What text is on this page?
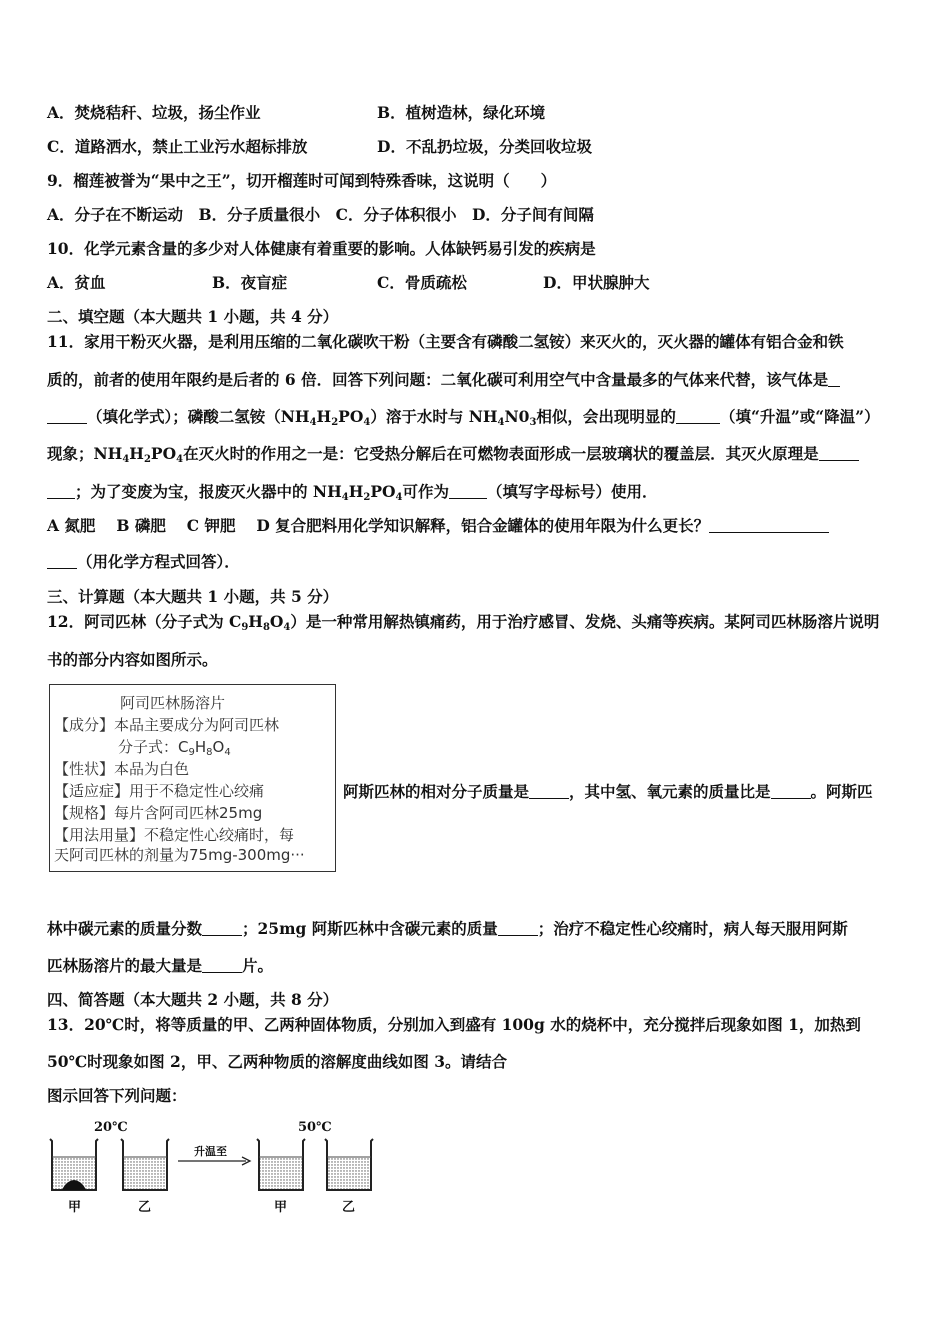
A．焚烧秸秆、垃圾，扬尘作业	B．植树造林，绿化环境
C．道路洒水，禁止工业污水超标排放	D．不乱扔垃圾，分类回收垃圾
9．榴莲被誉为“果中之王”，切开榴莲时可闻到特殊香味，这说明（　　）
A．分子在不断运动　B．分子质量很小　C．分子体积很小　D．分子间有间隔
10．化学元素含量的多少对人体健康有着重要的影响。人体缺钙易引发的疾病是
A．贫血	B．夜盲症	C．骨质疏松	D．甲状腺肿大
二、填空题（本大题共 1 小题，共 4 分）
11．家用干粉灭火器，是利用压缩的二氧化碳吹干粉（主要含有磷酸二氢铵）来灭火的，灭火器的罐体有铝合金和铁
质的，前者的使用年限约是后者的 6 倍．回答下列问题：二氧化碳可利用空气中含量最多的气体来代替，该气体是
（填化学式）；磷酸二氢铵$(NH_4H_2PO_4)$溶于水时与 $NH_4N0_3$相似，会出现明显的	（填“升温”或“降温”）
现象；$NH_4H_2PO_4$在灭火时的作用之一是：它受热分解后在可燃物表面形成一层玻璃状的覆盖层．其灭火原理是
；为了变废为宝，报废灭火器中的 $NH_4H_2PO_4$可作为 （填写字母标号）使用．
A 氮肥　 B 磷肥　 C 钾肥　 D 复合肥料用化学知识解释，铝合金罐体的使用年限为什么更长？
（用化学方程式回答）．
三、计算题（本大题共 1 小题，共 5 分）
12．阿司匹林（分子式为 $C_9H_8O_4$）是一种常用解热镇痛药，用于治疗感冒、发烧、头痛等疾病。某阿司匹林肠溶片说明
书的部分内容如图所示。
阿司匹林肠溶片
【成分】本品主要成分为阿司匹林
分子式：$C_9H_8O_4$
【性状】本品为白色
【适应症】用于不稳定性心绞痛
【规格】每片含阿司匹林25mg
【用法用量】不稳定性心绞痛时，每
天阿司匹林的剂量为75mg-300mg···
阿斯匹林的相对分子质量是	，其中氢、氧元素的质量比是	。阿斯匹
林中碳元素的质量分数	；25mg 阿斯匹林中含碳元素的质量	；治疗不稳定性心绞痛时，病人每天服用阿斯
匹林肠溶片的最大量是	片。
四、简答题（本大题共 2 小题，共 8 分）
13．20℃时，将等质量的甲、乙两种固体物质，分别加入到盛有 100g 水的烧杯中，充分搅拌后现象如图 1，加热到
50℃时现象如图 2，甲、乙两种物质的溶解度曲线如图 3。请结合
图示回答下列问题：
20℃	50℃
升温至
甲	乙	甲	乙
